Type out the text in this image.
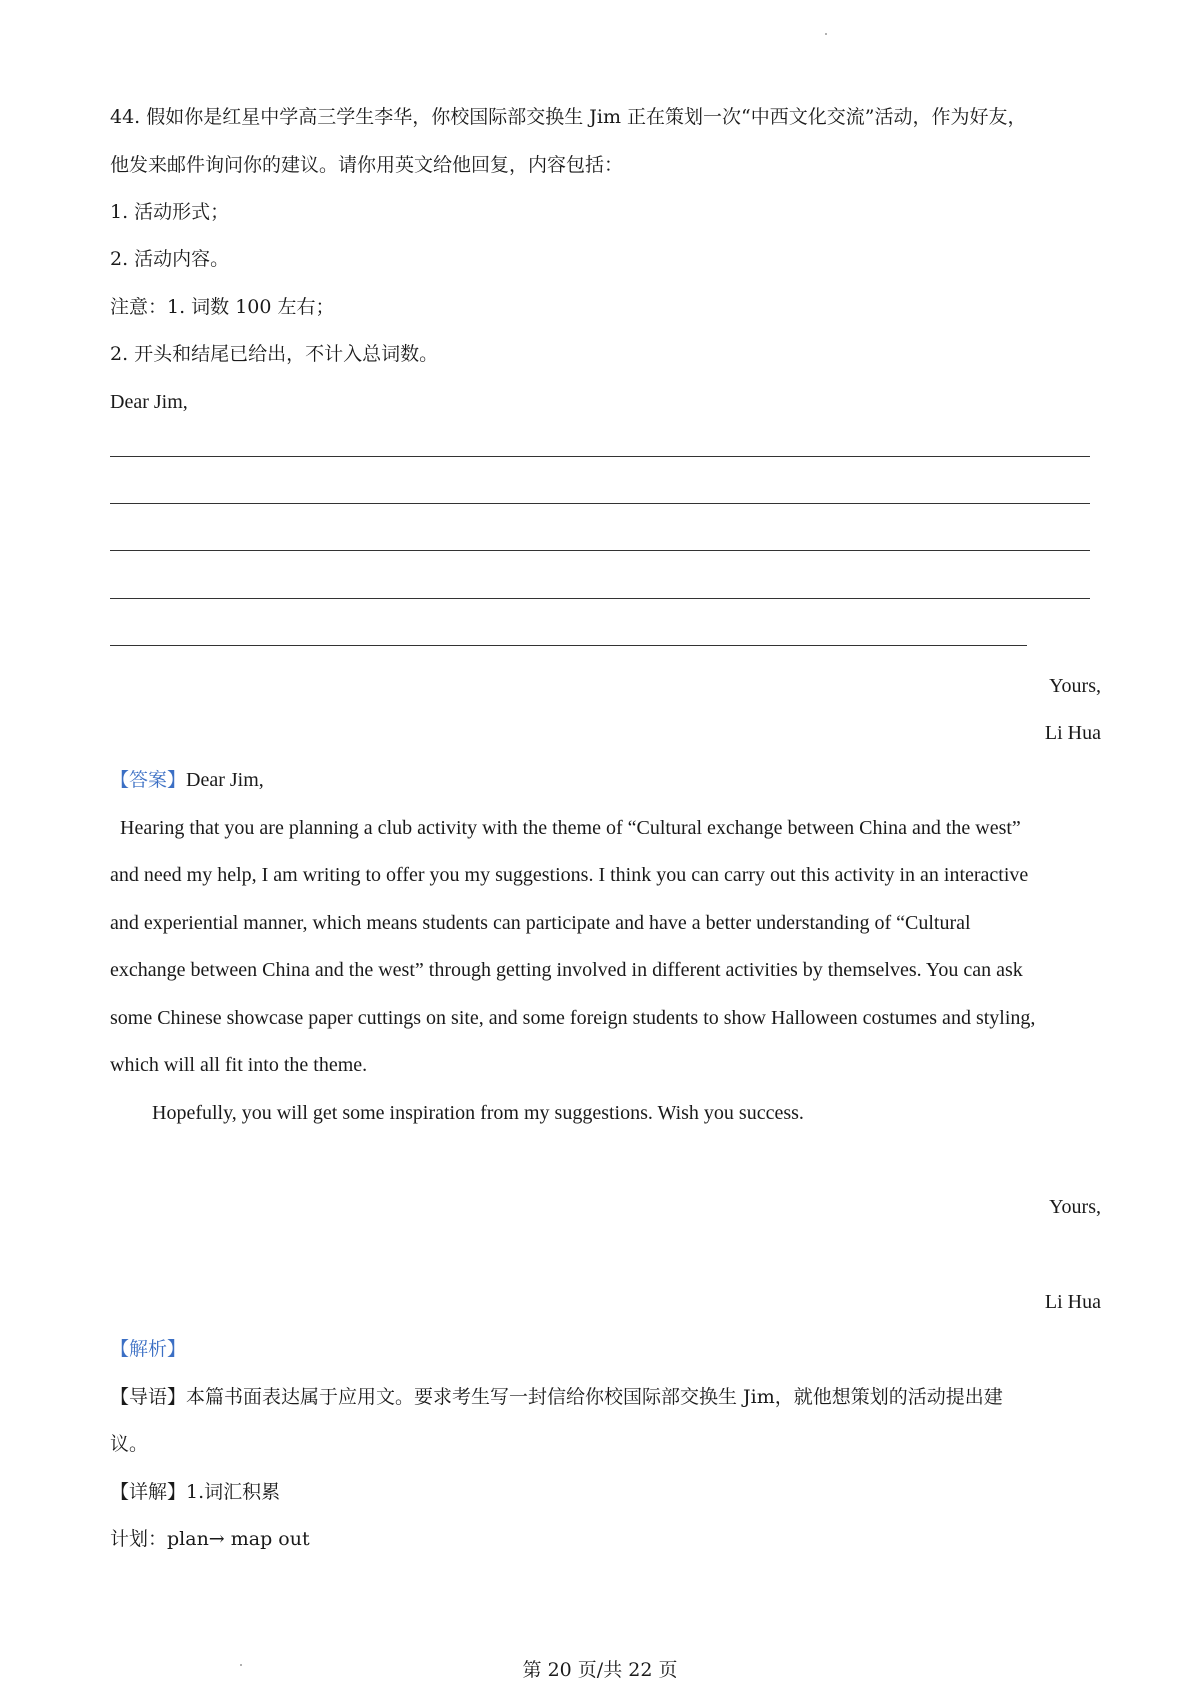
44. 假如你是红星中学高三学生李华，你校国际部交换生 Jim 正在策划一次“中西文化交流”活动，作为好友，
他发来邮件询问你的建议。请你用英文给他回复，内容包括：
1. 活动形式；
2. 活动内容。
注意：1. 词数 100 左右；
2. 开头和结尾已给出，不计入总词数。
Dear Jim,
Yours,
Li Hua
【答案】Dear Jim,
Hearing that you are planning a club activity with the theme of “Cultural exchange between China and the west”
and need my help, I am writing to offer you my suggestions. I think you can carry out this activity in an interactive
and experiential manner, which means students can participate and have a better understanding of “Cultural
exchange between China and the west” through getting involved in different activities by themselves. You can ask
some Chinese showcase paper cuttings on site, and some foreign students to show Halloween costumes and styling,
which will all fit into the theme.
Hopefully, you will get some inspiration from my suggestions. Wish you success.
Yours,
Li Hua
【解析】
【导语】本篇书面表达属于应用文。要求考生写一封信给你校国际部交换生 Jim，就他想策划的活动提出建
议。
【详解】1.词汇积累
计划：plan→ map out
第 20 页/共 22 页
